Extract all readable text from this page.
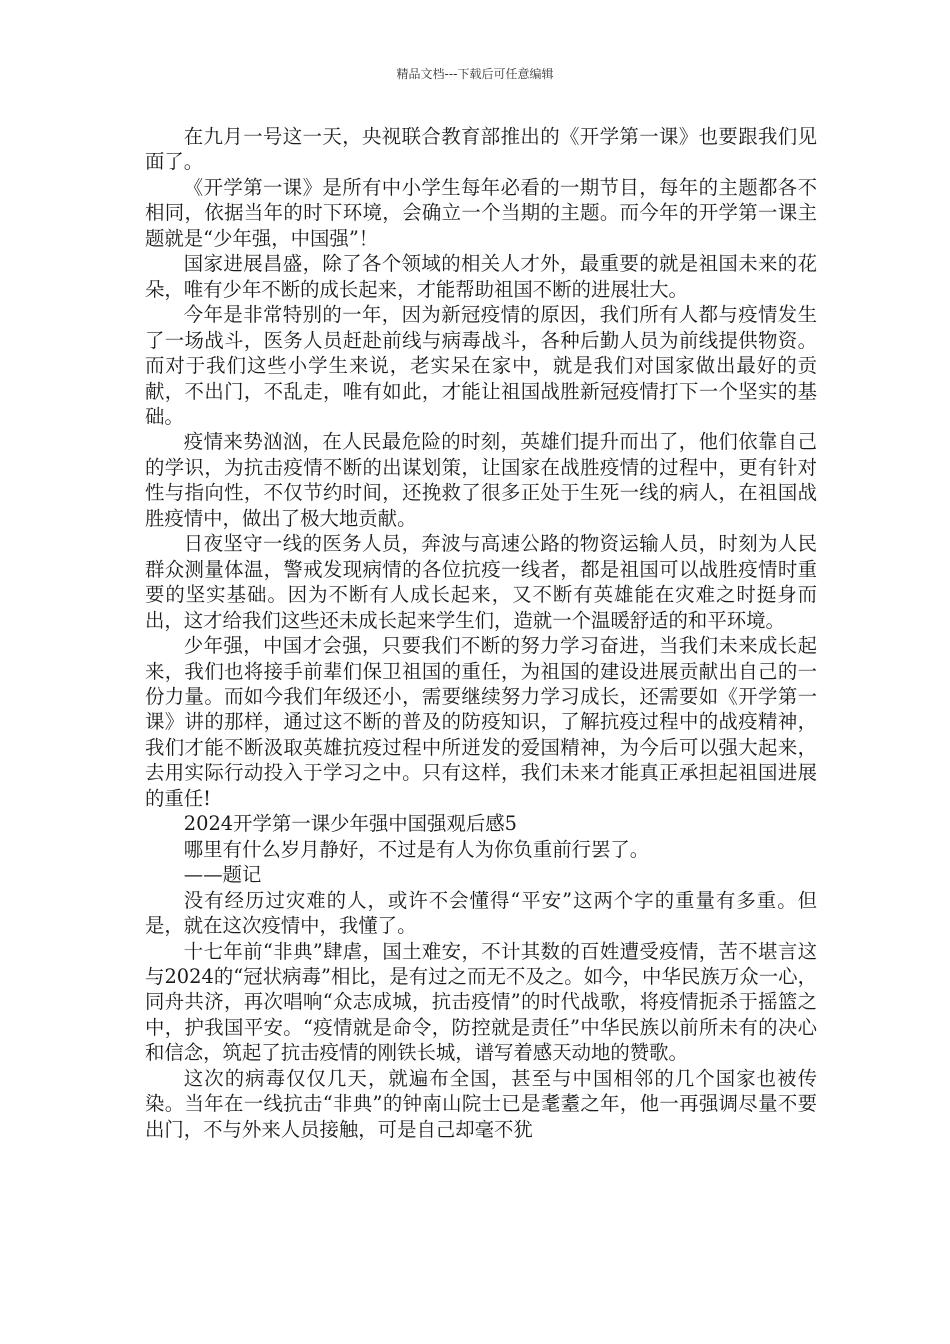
精品文档---下载后可任意编辑

在九月一号这一天，央视联合教育部推出的《开学第一课》也要跟我们见面了。

《开学第一课》是所有中小学生每年必看的一期节目，每年的主题都各不相同，依据当年的时下环境，会确立一个当期的主题。而今年的开学第一课主题就是“少年强，中国强”！

国家进展昌盛，除了各个领域的相关人才外，最重要的就是祖国未来的花朵，唯有少年不断的成长起来，才能帮助祖国不断的进展壮大。

今年是非常特别的一年，因为新冠疫情的原因，我们所有人都与疫情发生了一场战斗，医务人员赶赴前线与病毒战斗，各种后勤人员为前线提供物资。而对于我们这些小学生来说，老实呆在家中，就是我们对国家做出最好的贡献，不出门，不乱走，唯有如此，才能让祖国战胜新冠疫情打下一个坚实的基础。

疫情来势汹汹，在人民最危险的时刻，英雄们提升而出了，他们依靠自己的学识，为抗击疫情不断的出谋划策，让国家在战胜疫情的过程中，更有针对性与指向性，不仅节约时间，还挽救了很多正处于生死一线的病人，在祖国战胜疫情中，做出了极大地贡献。

日夜坚守一线的医务人员，奔波与高速公路的物资运输人员，时刻为人民群众测量体温，警戒发现病情的各位抗疫一线者，都是祖国可以战胜疫情时重要的坚实基础。因为不断有人成长起来，又不断有英雄能在灾难之时挺身而出，这才给我们这些还未成长起来学生们，造就一个温暖舒适的和平环境。

少年强，中国才会强，只要我们不断的努力学习奋进，当我们未来成长起来，我们也将接手前辈们保卫祖国的重任，为祖国的建设进展贡献出自己的一份力量。而如今我们年级还小，需要继续努力学习成长，还需要如《开学第一课》讲的那样，通过这不断的普及的防疫知识，了解抗疫过程中的战疫精神，我们才能不断汲取英雄抗疫过程中所迸发的爱国精神，为今后可以强大起来，去用实际行动投入于学习之中。只有这样，我们未来才能真正承担起祖国进展的重任!

2024开学第一课少年强中国强观后感5

哪里有什么岁月静好，不过是有人为你负重前行罢了。

——题记

没有经历过灾难的人，或许不会懂得“平安”这两个字的重量有多重。但是，就在这次疫情中，我懂了。

十七年前“非典”肆虐，国土难安，不计其数的百姓遭受疫情，苦不堪言这与2024的“冠状病毒”相比，是有过之而无不及之。如今，中华民族万众一心，同舟共济，再次唱响“众志成城，抗击疫情”的时代战歌，将疫情扼杀于摇篮之中，护我国平安。“疫情就是命令，防控就是责任”中华民族以前所未有的决心和信念，筑起了抗击疫情的刚铁长城，谱写着感天动地的赞歌。

这次的病毒仅仅几天，就遍布全国，甚至与中国相邻的几个国家也被传染。当年在一线抗击“非典”的钟南山院士已是耄耋之年，他一再强调尽量不要出门，不与外来人员接触，可是自己却毫不犹
